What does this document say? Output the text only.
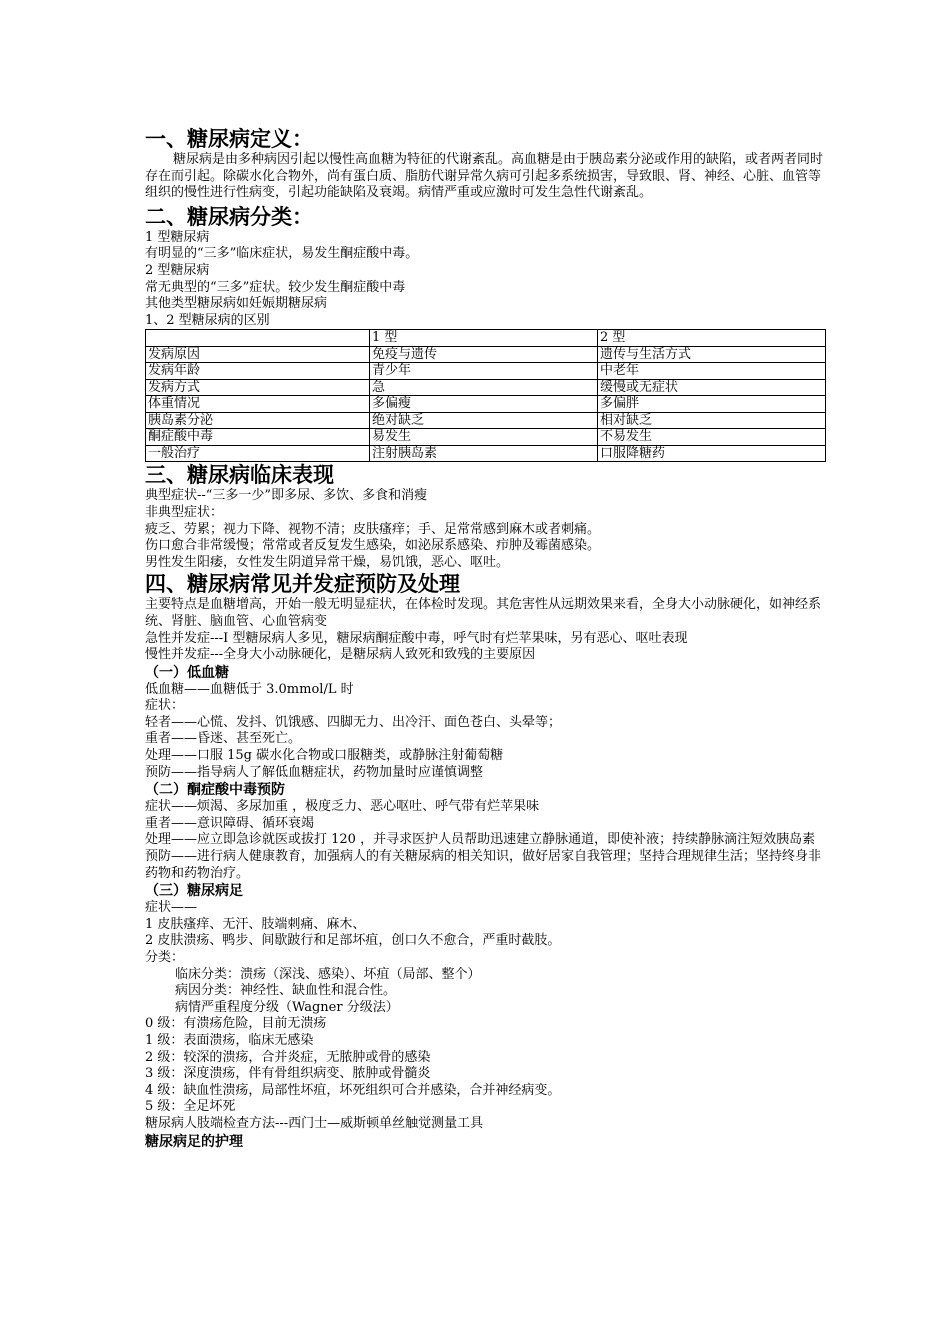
一、糖尿病定义：
糖尿病是由多种病因引起以慢性高血糖为特征的代谢紊乱。高血糖是由于胰岛素分泌或作用的缺陷，或者两者同时存在而引起。除碳水化合物外，尚有蛋白质、脂肪代谢异常久病可引起多系统损害，导致眼、肾、神经、心脏、血管等组织的慢性进行性病变，引起功能缺陷及衰竭。病情严重或应激时可发生急性代谢紊乱。
二、糖尿病分类：
1 型糖尿病
有明显的“三多”临床症状，易发生酮症酸中毒。
2 型糖尿病
常无典型的“三多”症状。较少发生酮症酸中毒
其他类型糖尿病如妊娠期糖尿病
1、2 型糖尿病的区别
	1 型	2 型
发病原因	免疫与遗传	遗传与生活方式
发病年龄	青少年	中老年
发病方式	急	缓慢或无症状
体重情况	多偏瘦	多偏胖
胰岛素分泌	绝对缺乏	相对缺乏
酮症酸中毒	易发生	不易发生
一般治疗	注射胰岛素	口服降糖药
三、糖尿病临床表现
典型症状--“三多一少”即多尿、多饮、多食和消瘦
非典型症状：
疲乏、劳累；视力下降、视物不清；皮肤瘙痒；手、足常常感到麻木或者刺痛。
伤口愈合非常缓慢；常常或者反复发生感染，如泌尿系感染、疖肿及霉菌感染。
男性发生阳痿，女性发生阴道异常干燥，易饥饿，恶心、呕吐。
四、糖尿病常见并发症预防及处理
主要特点是血糖增高，开始一般无明显症状，在体检时发现。其危害性从远期效果来看，全身大小动脉硬化，如神经系统、肾脏、脑血管、心血管病变
急性并发症---Ⅰ 型糖尿病人多见，糖尿病酮症酸中毒，呼气时有烂苹果味，另有恶心、呕吐表现
慢性并发症---全身大小动脉硬化，是糖尿病人致死和致残的主要原因
（一）低血糖
低血糖——血糖低于 3.0mmol/L 时
症状：
轻者——心慌、发抖、饥饿感、四脚无力、出冷汗、面色苍白、头晕等；
重者——昏迷、甚至死亡。
处理——口服 15g 碳水化合物或口服糖类，或静脉注射葡萄糖
预防——指导病人了解低血糖症状，药物加量时应谨慎调整
（二）酮症酸中毒预防
症状——烦渴、多尿加重 ，极度乏力、恶心呕吐、呼气带有烂苹果味
重者——意识障碍、循环衰竭
处理——应立即急诊就医或拔打 120 ，并寻求医护人员帮助迅速建立静脉通道，即使补液；持续静脉滴注短效胰岛素
预防——进行病人健康教育，加强病人的有关糖尿病的相关知识，做好居家自我管理；坚持合理规律生活；坚持终身非药物和药物治疗。
（三）糖尿病足
症状——
1 皮肤瘙痒、无汗、肢端刺痛、麻木、
2 皮肤溃疡、鸭步、间歇跛行和足部坏疽，创口久不愈合，严重时截肢。
分类：
临床分类：溃疡（深浅、感染）、坏疽（局部、整个）
病因分类：神经性、缺血性和混合性。
病情严重程度分级（Wagner 分级法）
0 级：有溃疡危险，目前无溃疡
1 级：表面溃疡，临床无感染
2 级：较深的溃疡，合并炎症，无脓肿或骨的感染
3 级：深度溃疡，伴有骨组织病变、脓肿或骨髓炎
4 级：缺血性溃疡，局部性坏疽，坏死组织可合并感染，合并神经病变。
5 级：全足坏死
糖尿病人肢端检查方法---西门士—威斯顿单丝触觉测量工具
糖尿病足的护理
